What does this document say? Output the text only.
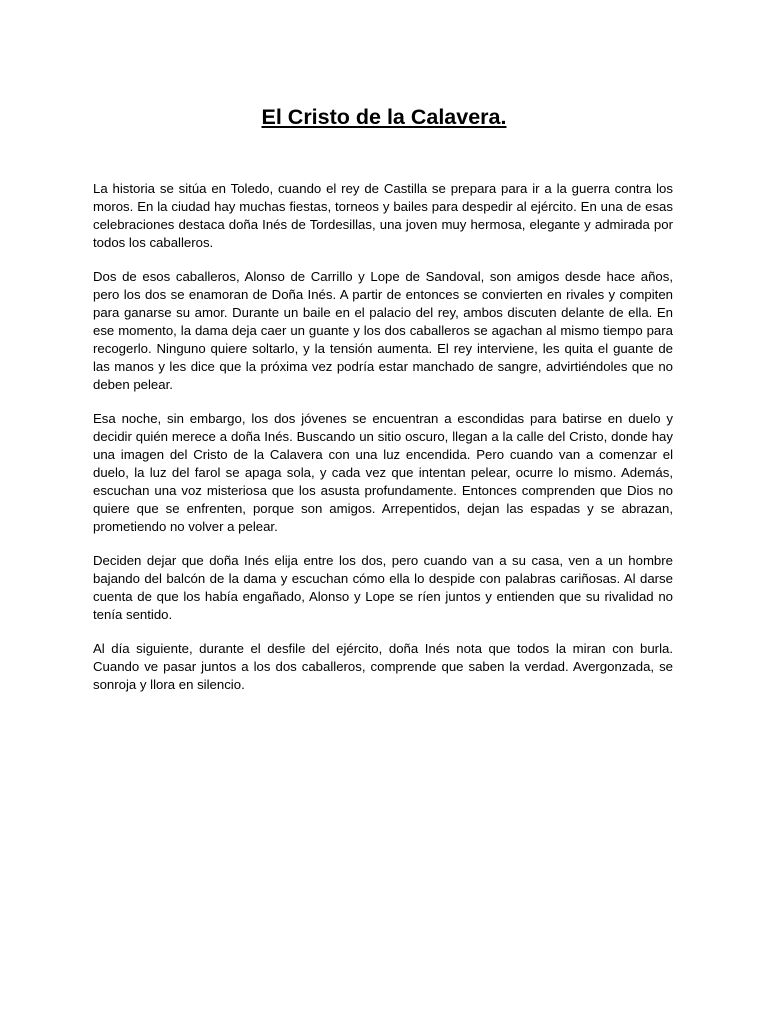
El Cristo de la Calavera.

La historia se sitúa en Toledo, cuando el rey de Castilla se prepara para ir a la guerra contra los moros. En la ciudad hay muchas fiestas, torneos y bailes para despedir al ejército. En una de esas celebraciones destaca doña Inés de Tordesillas, una joven muy hermosa, elegante y admirada por todos los caballeros.

Dos de esos caballeros, Alonso de Carrillo y Lope de Sandoval, son amigos desde hace años, pero los dos se enamoran de Doña Inés. A partir de entonces se convierten en rivales y compiten para ganarse su amor. Durante un baile en el palacio del rey, ambos discuten delante de ella. En ese momento, la dama deja caer un guante y los dos caballeros se agachan al mismo tiempo para recogerlo. Ninguno quiere soltarlo, y la tensión aumenta. El rey interviene, les quita el guante de las manos y les dice que la próxima vez podría estar manchado de sangre, advirtiéndoles que no deben pelear.

Esa noche, sin embargo, los dos jóvenes se encuentran a escondidas para batirse en duelo y decidir quién merece a doña Inés. Buscando un sitio oscuro, llegan a la calle del Cristo, donde hay una imagen del Cristo de la Calavera con una luz encendida. Pero cuando van a comenzar el duelo, la luz del farol se apaga sola, y cada vez que intentan pelear, ocurre lo mismo. Además, escuchan una voz misteriosa que los asusta profundamente. Entonces comprenden que Dios no quiere que se enfrenten, porque son amigos. Arrepentidos, dejan las espadas y se abrazan, prometiendo no volver a pelear.

Deciden dejar que doña Inés elija entre los dos, pero cuando van a su casa, ven a un hombre bajando del balcón de la dama y escuchan cómo ella lo despide con palabras cariñosas. Al darse cuenta de que los había engañado, Alonso y Lope se ríen juntos y entienden que su rivalidad no tenía sentido.

Al día siguiente, durante el desfile del ejército, doña Inés nota que todos la miran con burla. Cuando ve pasar juntos a los dos caballeros, comprende que saben la verdad. Avergonzada, se sonroja y llora en silencio.
